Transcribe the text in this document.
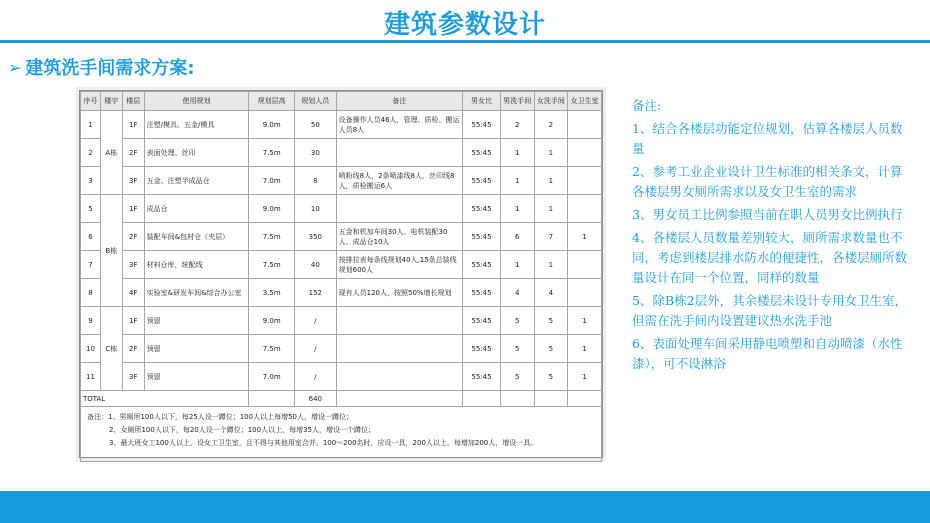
建筑参数设计
➢ 建筑洗手间需求方案:
序号	楼宇	楼层	使用规划	规划层高	规划人员	备注	男女比	男洗手间	女洗手间	女卫生室
1	A栋	1F	注塑/模具、五金/模具	9.0m	50	设备操作人员46人，管理、质检、搬运人员8人	55:45	2	2	
2		2F	表面处理、丝印	7.5m	30		55:45	1	1	
3		3F	五金、注塑半成品仓	7.0m	8	喷粉线8人，2条喷漆线8人，丝印线8人，质检搬运6人	55:45	1	1	
5	B栋	1F	成品仓	9.0m	10		55:45	1	1	
6		2F	装配车间&包材仓（夹层）	7.5m	350	五金和机加车间30人、电机装配30人、成品仓10人	55:45	6	7	1
7		3F	材料仓库，统配线	7.5m	40	按排拉表每条线规划40人,15条总装线规划600人	55:45	1	1	
8		4F	实验室&研发车间&综合办公室	3.5m	152	现有人员120人，按照50%增长规划	55:45	4	4	
9	C栋	1F	预留	9.0m	/		55:45	5	5	1
10		2F	预留	7.5m	/		55:45	5	5	1
11		3F	预留	7.0m	/		55:45	5	5	1
TOTAL					640					

备注：1、男厕所100人以下，每25人设一蹲位；100人以上每增50人，增设一蹲位；
2、女厕所100人以下，每20人设一个蹲位；100人以上，每增35人，增设一个蹲位；
3、最大班女工100人以上，设女工卫生室，且不得与其他用室合并，100～200名时，应设一具，200人以上，每增加200人，增设一具。										

备注:

1、结合各楼层功能定位规划，估算各楼层人员数量

2、参考工业企业设计卫生标准的相关条文，计算各楼层男女厕所需求以及女卫生室的需求

3、男女员工比例参照当前在职人员男女比例执行

4、各楼层人员数量差别较大，厕所需求数量也不同，考虑到楼层排水防水的便捷性，各楼层厕所数量设计在同一个位置，同样的数量

5、除B栋2层外，其余楼层未设计专用女卫生室，但需在洗手间内设置建议热水洗手池

6、表面处理车间采用静电喷塑和自动喷漆（水性漆），可不设淋浴
